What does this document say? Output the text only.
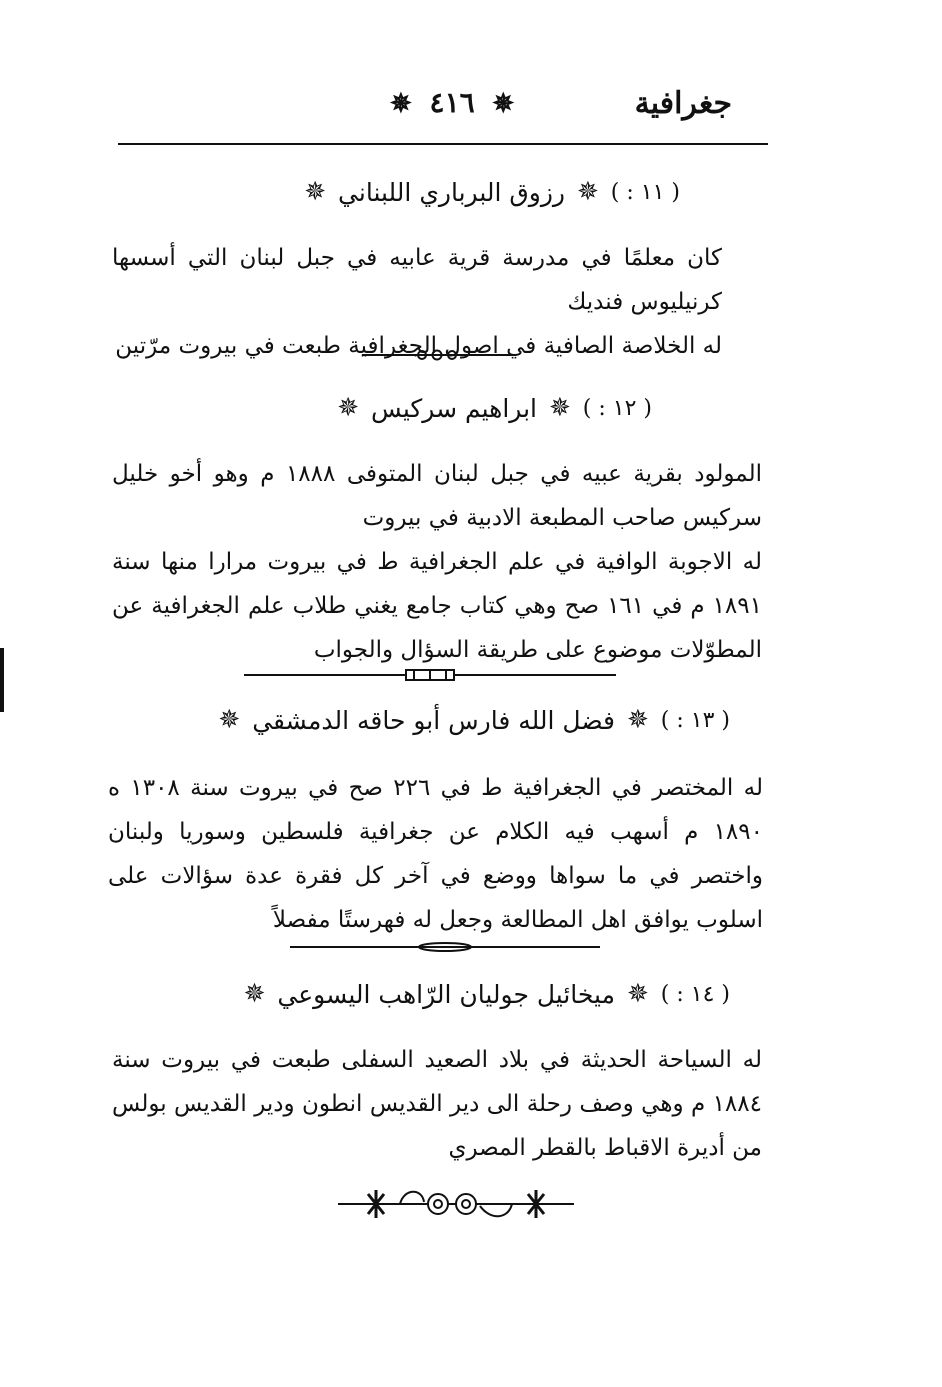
جغرافية
✵ ٤١٦ ✵
( ١١ : )
✵
رزوق البرباري اللبناني
✵

كان معلمًا في مدرسة قرية عابيه في جبل لبنان التي أسسها كرنيليوس فنديك

له الخلاصة الصافية في اصول الجغرافية طبعت في بيروت مرّتين

( ١٢ : )
✵
ابراهيم سركيس
✵

المولود بقرية عبيه في جبل لبنان المتوفى ١٨٨٨ م وهو أخو خليل سركيس صاحب المطبعة الادبية في بيروت

له الاجوبة الوافية في علم الجغرافية ط في بيروت مرارا منها سنة ١٨٩١ م في ١٦١ صح وهي كتاب جامع يغني طلاب علم الجغرافية عن المطوّلات موضوع على طريقة السؤال والجواب

( ١٣ : )
✵
فضل الله فارس أبو حاقه الدمشقي
✵

له المختصر في الجغرافية ط في ٢٢٦ صح في بيروت سنة ١٣٠٨ ه ١٨٩٠ م أسهب فيه الكلام عن جغرافية فلسطين وسوريا ولبنان واختصر في ما سواها ووضع في آخر كل فقرة عدة سؤالات على اسلوب يوافق اهل المطالعة وجعل له فهرستًا مفصلاً

( ١٤ : )
✵
ميخائيل جوليان الرّاهب اليسوعي
✵

له السياحة الحديثة في بلاد الصعيد السفلى طبعت في بيروت سنة ١٨٨٤ م وهي وصف رحلة الى دير القديس انطون ودير القديس بولس من أديرة الاقباط بالقطر المصري
